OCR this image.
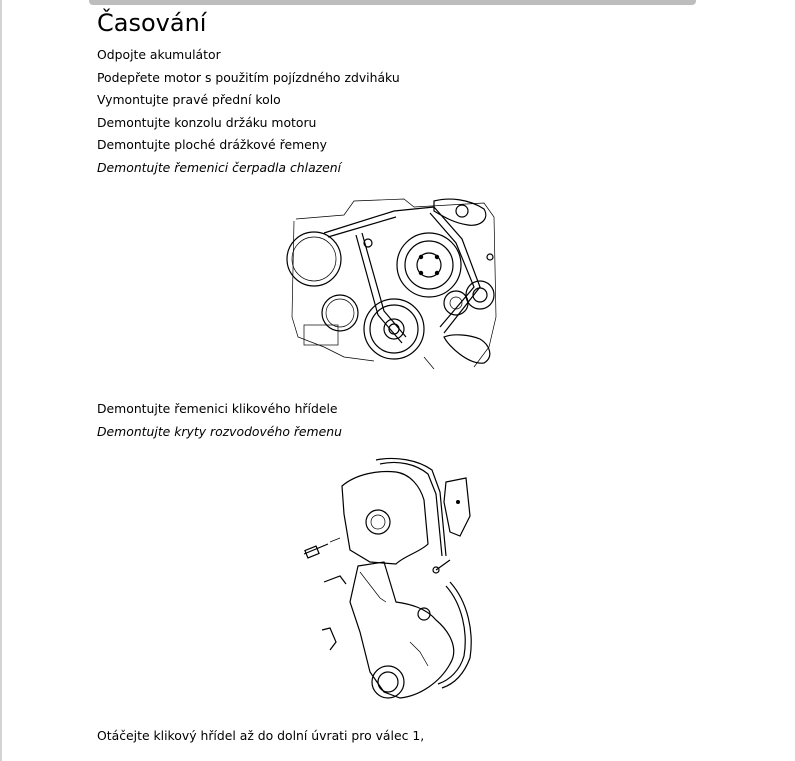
Časování
Odpojte akumulátor
Podepřete motor s použitím pojízdného zdviháku
Vymontujte pravé přední kolo
Demontujte konzolu držáku motoru
Demontujte ploché drážkové řemeny
Demontujte řemenici čerpadla chlazení
Demontujte řemenici klikového hřídele
Demontujte kryty rozvodového řemenu
Otáčejte klikový hřídel až do dolní úvrati pro válec 1,
